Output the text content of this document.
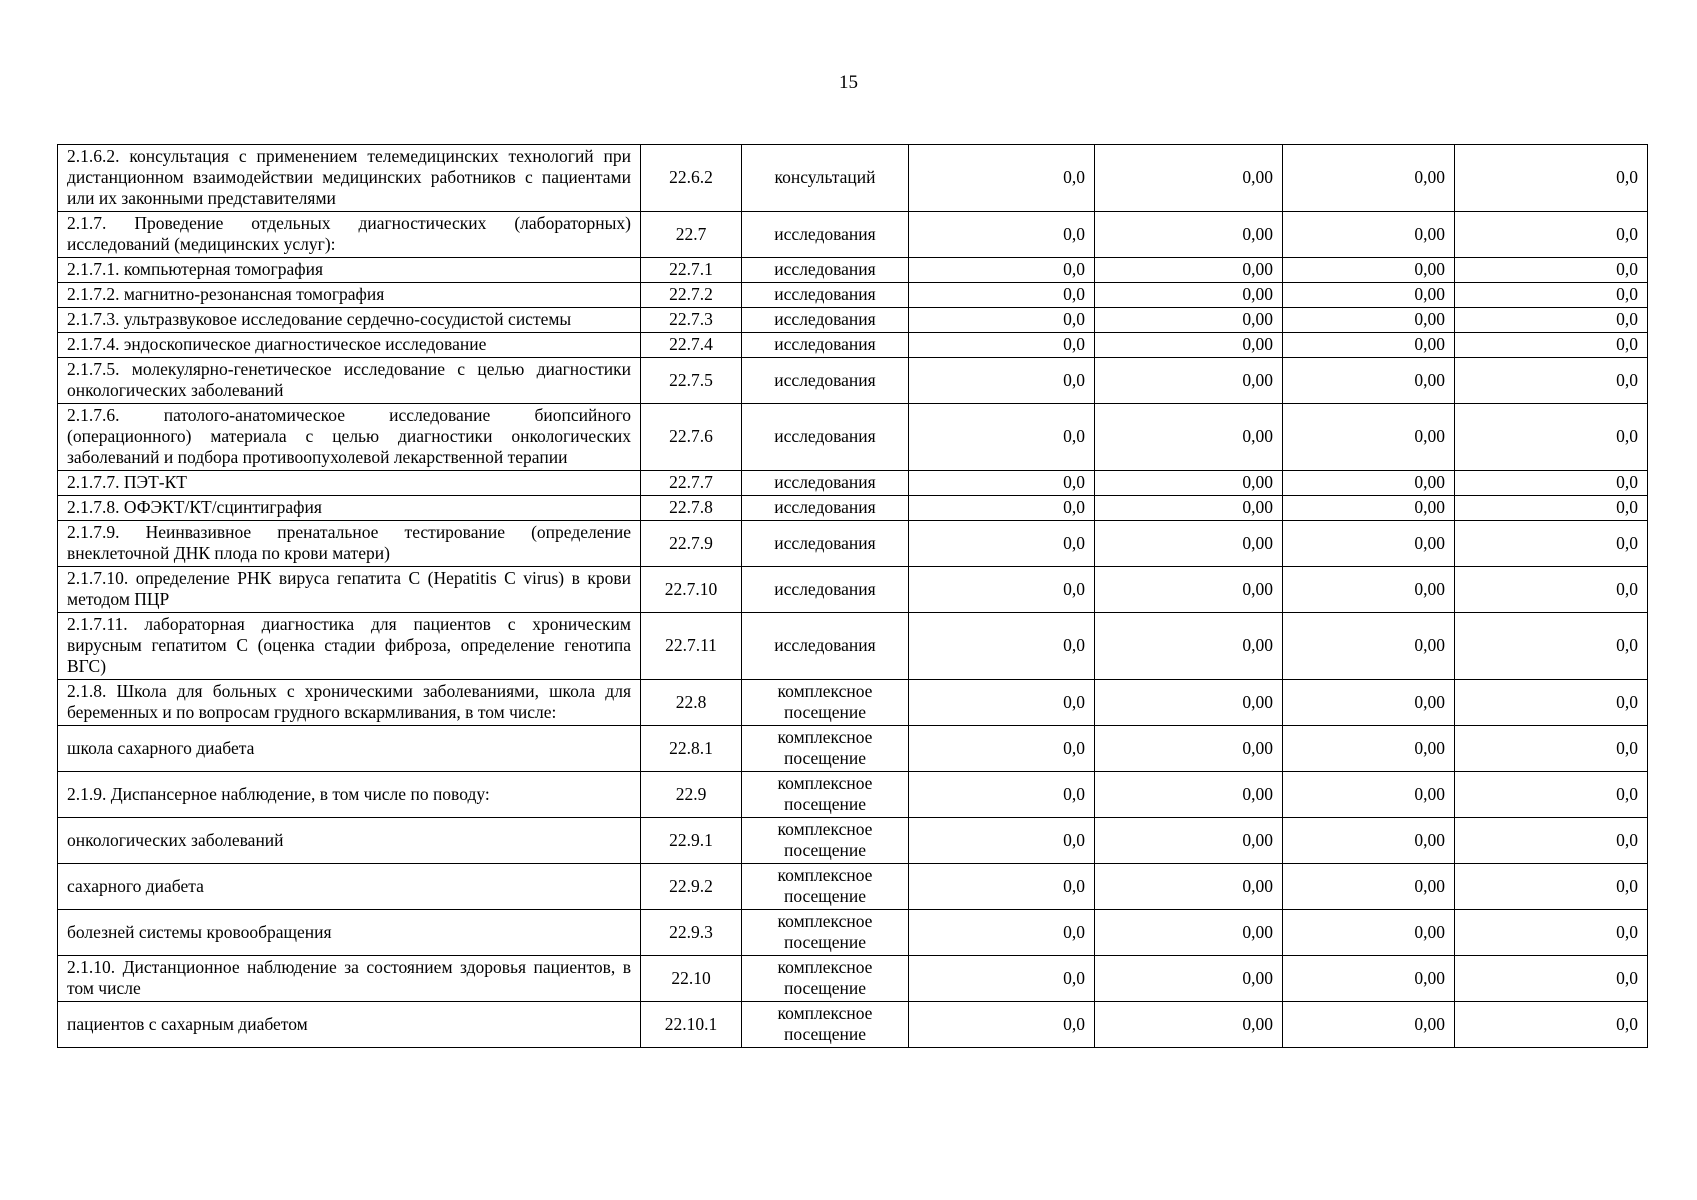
15
2.1.6.2. консультация с применением телемедицинских технологий при дистанционном взаимодействии медицинских работников с пациентами или их законными представителями	22.6.2	консультаций	0,0	0,00	0,00	0,0
2.1.7. Проведение отдельных диагностических (лабораторных) исследований (медицинских услуг):	22.7	исследования	0,0	0,00	0,00	0,0
2.1.7.1. компьютерная томография	22.7.1	исследования	0,0	0,00	0,00	0,0
2.1.7.2. магнитно-резонансная томография	22.7.2	исследования	0,0	0,00	0,00	0,0
2.1.7.3. ультразвуковое исследование сердечно-сосудистой системы	22.7.3	исследования	0,0	0,00	0,00	0,0
2.1.7.4. эндоскопическое диагностическое исследование	22.7.4	исследования	0,0	0,00	0,00	0,0
2.1.7.5. молекулярно-генетическое исследование с целью диагностики онкологических заболеваний	22.7.5	исследования	0,0	0,00	0,00	0,0
2.1.7.6. патолого-анатомическое исследование биопсийного (операционного) материала с целью диагностики онкологических заболеваний и подбора противоопухолевой лекарственной терапии	22.7.6	исследования	0,0	0,00	0,00	0,0
2.1.7.7. ПЭТ-КТ	22.7.7	исследования	0,0	0,00	0,00	0,0
2.1.7.8. ОФЭКТ/КТ/сцинтиграфия	22.7.8	исследования	0,0	0,00	0,00	0,0
2.1.7.9. Неинвазивное пренатальное тестирование (определение внеклеточной ДНК плода по крови матери)	22.7.9	исследования	0,0	0,00	0,00	0,0
2.1.7.10. определение РНК вируса гепатита С (Hepatitis C virus) в крови методом ПЦР	22.7.10	исследования	0,0	0,00	0,00	0,0
2.1.7.11. лабораторная диагностика для пациентов с хроническим вирусным гепатитом С (оценка стадии фиброза, определение генотипа ВГС)	22.7.11	исследования	0,0	0,00	0,00	0,0
2.1.8. Школа для больных с хроническими заболеваниями, школа для беременных и по вопросам грудного вскармливания, в том числе:	22.8	комплексное посещение	0,0	0,00	0,00	0,0
школа сахарного диабета	22.8.1	комплексное посещение	0,0	0,00	0,00	0,0
2.1.9. Диспансерное наблюдение, в том числе по поводу:	22.9	комплексное посещение	0,0	0,00	0,00	0,0
онкологических заболеваний	22.9.1	комплексное посещение	0,0	0,00	0,00	0,0
сахарного диабета	22.9.2	комплексное посещение	0,0	0,00	0,00	0,0
болезней системы кровообращения	22.9.3	комплексное посещение	0,0	0,00	0,00	0,0
2.1.10. Дистанционное наблюдение за состоянием здоровья пациентов, в том числе	22.10	комплексное посещение	0,0	0,00	0,00	0,0
пациентов с сахарным диабетом	22.10.1	комплексное посещение	0,0	0,00	0,00	0,0
